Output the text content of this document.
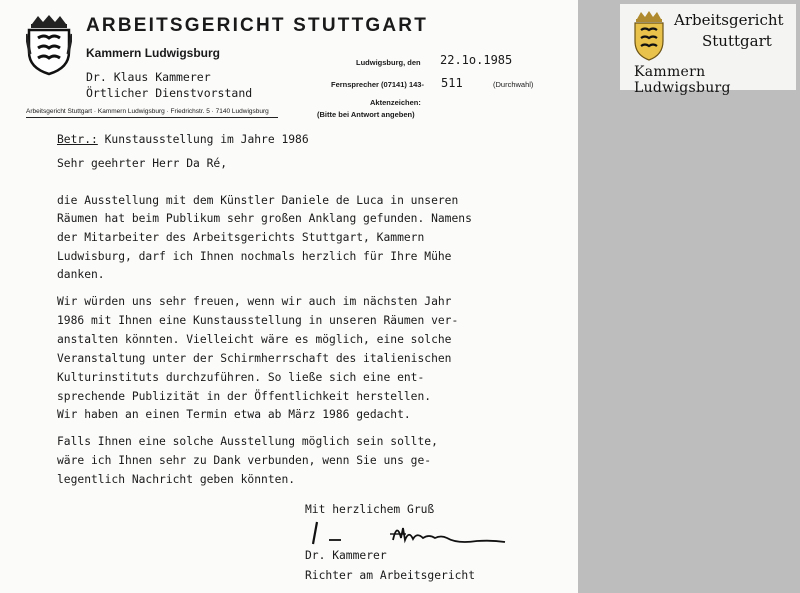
ARBEITSGERICHT STUTTGART
Kammern Ludwigsburg
Dr. Klaus Kammerer
Örtlicher Dienstvorstand
Arbeitsgericht Stuttgart · Kammern Ludwigsburg · Friedrichstr. 5 · 7140 Ludwigsburg
Ludwigsburg, den 22.1o.1985
Fernsprecher (07141) 143- 511	(Durchwahl)
Aktenzeichen:
(Bitte bei Antwort angeben)
Betr.: Kunstausstellung im Jahre 1986
Sehr geehrter Herr Da Ré,
die Ausstellung mit dem Künstler Daniele de Luca in unseren
Räumen hat beim Publikum sehr großen Anklang gefunden. Namens
der Mitarbeiter des Arbeitsgerichts Stuttgart, Kammern
Ludwisburg, darf ich Ihnen nochmals herzlich für Ihre Mühe
danken.
Wir würden uns sehr freuen, wenn wir auch im nächsten Jahr
1986 mit Ihnen eine Kunstausstellung in unseren Räumen ver-
anstalten könnten. Vielleicht wäre es möglich, eine solche
Veranstaltung unter der Schirmherrschaft des italienischen
Kulturinstituts durchzuführen. So ließe sich eine ent-
sprechende Publizität in der Öffentlichkeit herstellen.
Wir haben an einen Termin etwa ab März 1986 gedacht.
Falls Ihnen eine solche Ausstellung möglich sein sollte,
wäre ich Ihnen sehr zu Dank verbunden, wenn Sie uns ge-
legentlich Nachricht geben könnten.
Mit herzlichem Gruß
Dr. Kammerer
Richter am Arbeitsgericht
Arbeitsgericht
Stuttgart
Kammern Ludwigsburg
